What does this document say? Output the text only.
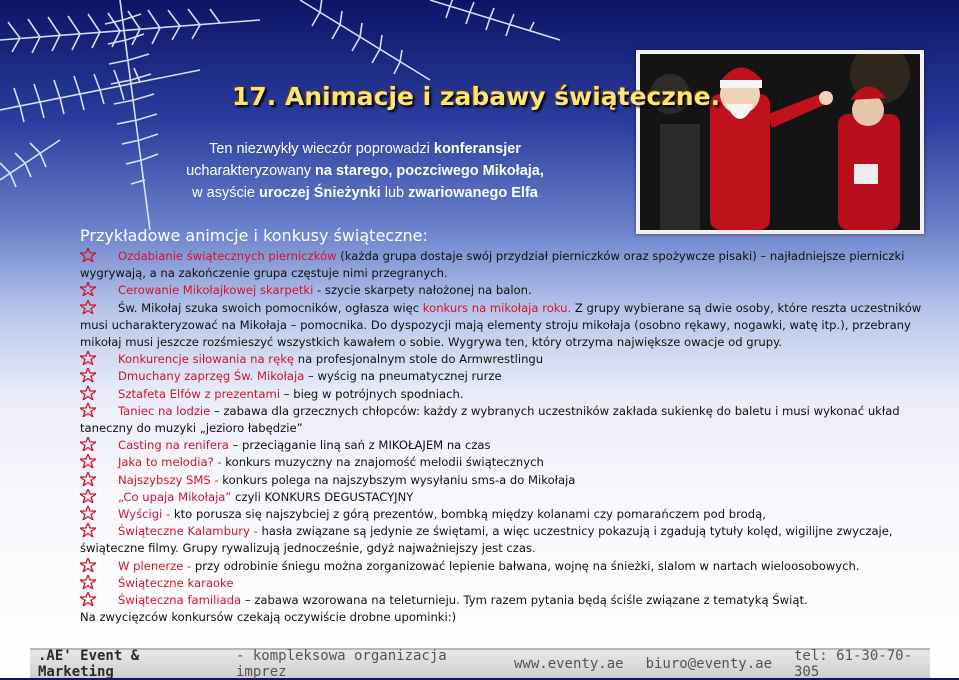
17. Animacje i zabawy świąteczne.
Ten niezwykły wieczór poprowadzi konferansjer
ucharakteryzowany na starego, poczciwego Mikołaja,
w asyście uroczej Śnieżynki lub zwariowanego Elfa
Przykładowe animcje i konkusy świąteczne:
Ozdabianie świątecznych pierniczków (każda grupa dostaje swój przydział pierniczków oraz spożywcze pisaki) – najładniejsze pierniczki wygrywają, a na zakończenie grupa częstuje nimi przegranych.
Cerowanie Mikołajkowej skarpetki - szycie skarpety nałożonej na balon.
Św. Mikołaj szuka swoich pomocników, ogłasza więc konkurs na mikołaja roku. Z grupy wybierane są dwie osoby, które reszta uczestników musi ucharakteryzować na Mikołaja – pomocnika. Do dyspozycji mają elementy stroju mikołaja (osobno rękawy, nogawki, watę itp.), przebrany mikołaj musi jeszcze rozśmieszyć wszystkich kawałem o sobie. Wygrywa ten, który otrzyma największe owacje od grupy.
Konkurencje siłowania na rękę na profesjonalnym stole do Armwrestlingu
Dmuchany zaprzęg Św. Mikołaja – wyścig na pneumatycznej rurze
Sztafeta Elfów z prezentami – bieg w potrójnych spodniach.
Taniec na lodzie – zabawa dla grzecznych chłopców: każdy z wybranych uczestników zakłada sukienkę do baletu i musi wykonać układ taneczny do muzyki „jezioro łabędzie”
Casting na renifera – przeciąganie liną sań z MIKOŁAJEM na czas
Jaka to melodia? - konkurs muzyczny na znajomość melodii świątecznych
Najszybszy SMS - konkurs polega na najszybszym wysyłaniu sms-a do Mikołaja
„Co upaja Mikołaja” czyli KONKURS DEGUSTACYJNY
Wyścigi - kto porusza się najszybciej z górą prezentów, bombką między kolanami czy pomarańczem pod brodą,
Świąteczne Kalambury - hasła związane są jedynie ze świętami, a więc uczestnicy pokazują i zgadują tytuły kolęd, wigilijne zwyczaje, świąteczne filmy. Grupy rywalizują jednocześnie, gdyż najważniejszy jest czas.
W plenerze - przy odrobinie śniegu można zorganizować lepienie bałwana, wojnę na śnieżki, slalom w nartach wieloosobowych.
Świąteczne karaoke
Świąteczna familiada – zabawa wzorowana na teleturnieju. Tym razem pytania będą ściśle związane z tematyką Świąt.
Na zwycięzców konkursów czekają oczywiście drobne upominki:)
.AE' Event & Marketing
- kompleksowa organizacja imprez	www.eventy.ae biuro@eventy.ae tel: 61-30-70-305
